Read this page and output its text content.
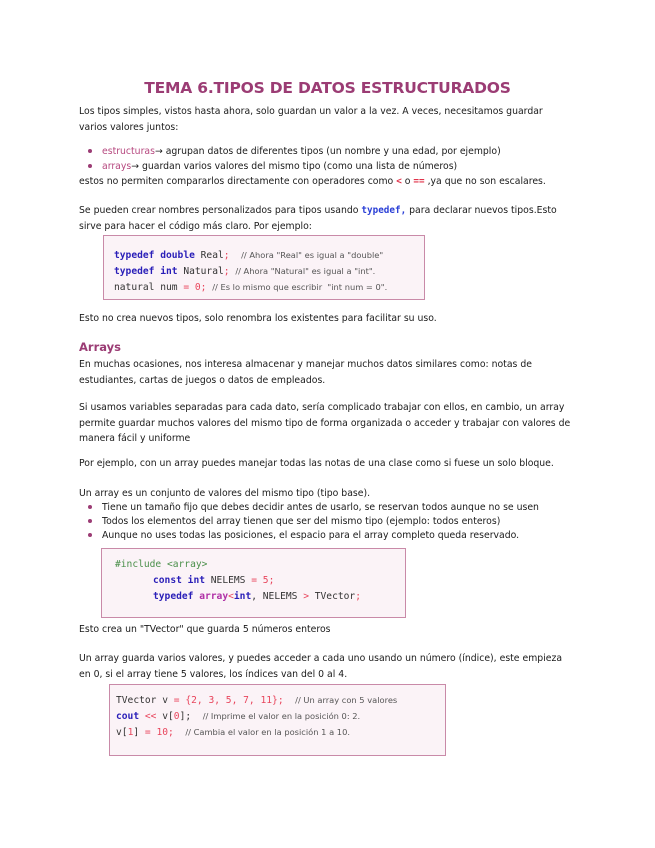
TEMA 6.TIPOS DE DATOS ESTRUCTURADOS
Los tipos simples, vistos hasta ahora, solo guardan un valor a la vez. A veces, necesitamos guardar
varios valores juntos:
estructuras→ agrupan datos de diferentes tipos (un nombre y una edad, por ejemplo)
arrays→ guardan varios valores del mismo tipo (como una lista de números)
estos no permiten compararlos directamente con operadores como < o == ,ya que no son escalares.
Se pueden crear nombres personalizados para tipos usando typedef, para declarar nuevos tipos.Esto
sirve para hacer el código más claro. Por ejemplo:
typedef double Real; // Ahora "Real" es igual a "double"
typedef int Natural; // Ahora "Natural" es igual a "int".
natural num = 0; // Es lo mismo que escribir  "int num = 0".
Esto no crea nuevos tipos, solo renombra los existentes para facilitar su uso.
Arrays
En muchas ocasiones, nos interesa almacenar y manejar muchos datos similares como: notas de
estudiantes, cartas de juegos o datos de empleados.
Si usamos variables separadas para cada dato, sería complicado trabajar con ellos, en cambio, un array
permite guardar muchos valores del mismo tipo de forma organizada o acceder y trabajar con valores de
manera fácil y uniforme
Por ejemplo, con un array puedes manejar todas las notas de una clase como si fuese un solo bloque.
Un array es un conjunto de valores del mismo tipo (tipo base).
Tiene un tamaño fijo que debes decidir antes de usarlo, se reservan todos aunque no se usen
Todos los elementos del array tienen que ser del mismo tipo (ejemplo: todos enteros)
Aunque no uses todas las posiciones, el espacio para el array completo queda reservado.
#include <array>
const int NELEMS = 5;
typedef array<int, NELEMS > TVector;
Esto crea un "TVector" que guarda 5 números enteros
Un array guarda varios valores, y puedes acceder a cada uno usando un número (índice), este empieza
en 0, si el array tiene 5 valores, los índices van del 0 al 4.
TVector v = {2, 3, 5, 7, 11}; // Un array con 5 valores
cout << v[0]; // Imprime el valor en la posición 0: 2.
v[1] = 10; // Cambia el valor en la posición 1 a 10.
